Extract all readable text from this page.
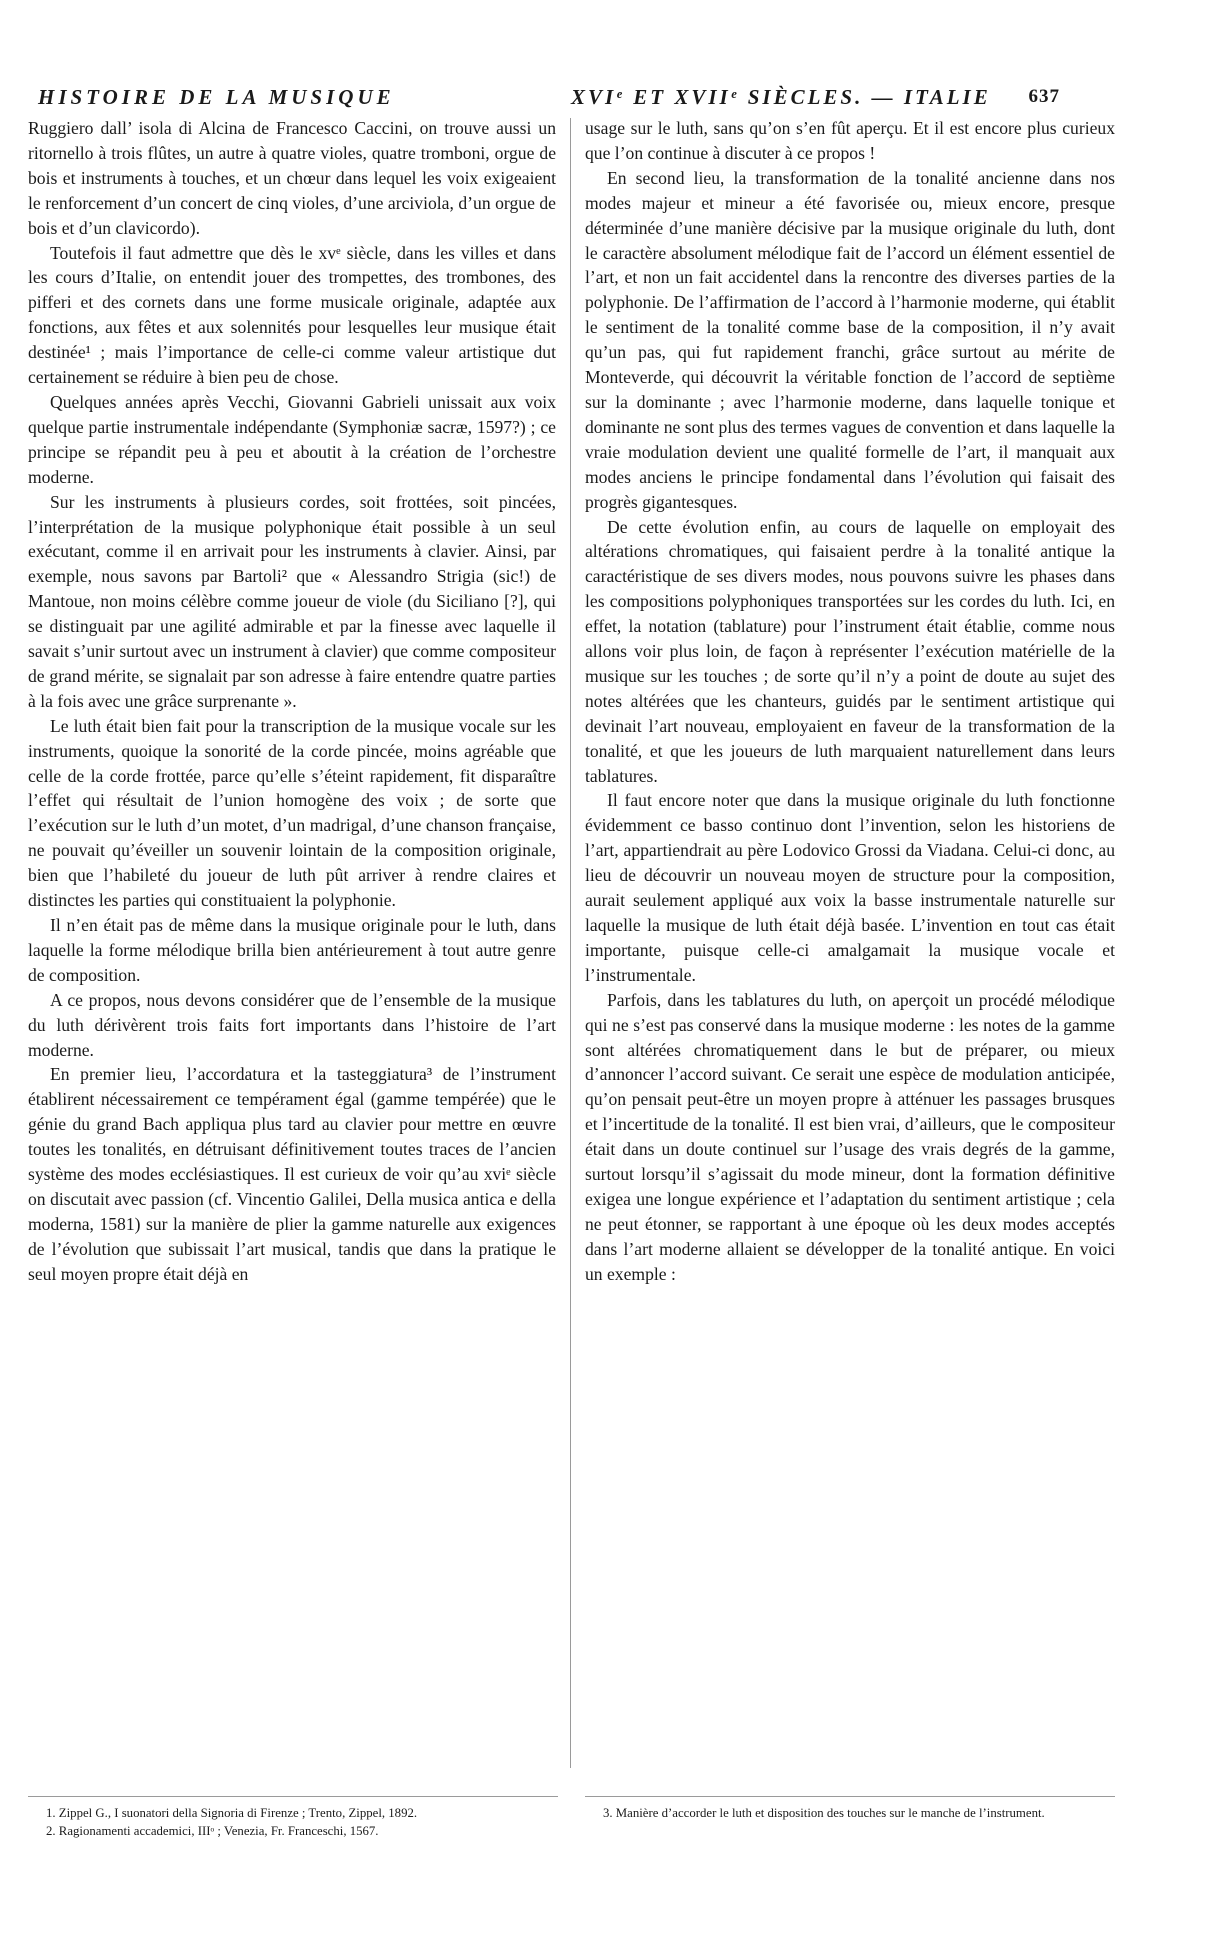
HISTOIRE DE LA MUSIQUE	XVIᵉ ET XVIIᵉ SIÈCLES. — ITALIE 637

Ruggiero dall’ isola di Alcina de Francesco Caccini, on trouve aussi un ritornello à trois flûtes, un autre à quatre violes, quatre tromboni, orgue de bois et instruments à touches, et un chœur dans lequel les voix exigeaient le renforcement d’un concert de cinq violes, d’une arciviola, d’un orgue de bois et d’un clavicordo).

Toutefois il faut admettre que dès le xvᵉ siècle, dans les villes et dans les cours d’Italie, on entendit jouer des trompettes, des trombones, des pifferi et des cornets dans une forme musicale originale, adaptée aux fonctions, aux fêtes et aux solennités pour lesquelles leur musique était destinée¹ ; mais l’importance de celle-ci comme valeur artistique dut certainement se réduire à bien peu de chose.

Quelques années après Vecchi, Giovanni Gabrieli unissait aux voix quelque partie instrumentale indépendante (Symphoniæ sacræ, 1597?) ; ce principe se répandit peu à peu et aboutit à la création de l’orchestre moderne.

Sur les instruments à plusieurs cordes, soit frottées, soit pincées, l’interprétation de la musique polyphonique était possible à un seul exécutant, comme il en arrivait pour les instruments à clavier. Ainsi, par exemple, nous savons par Bartoli² que « Alessandro Strigia (sic!) de Mantoue, non moins célèbre comme joueur de viole (du Siciliano [?], qui se distinguait par une agilité admirable et par la finesse avec laquelle il savait s’unir surtout avec un instrument à clavier) que comme compositeur de grand mérite, se signalait par son adresse à faire entendre quatre parties à la fois avec une grâce surprenante ».

Le luth était bien fait pour la transcription de la musique vocale sur les instruments, quoique la sonorité de la corde pincée, moins agréable que celle de la corde frottée, parce qu’elle s’éteint rapidement, fit disparaître l’effet qui résultait de l’union homogène des voix ; de sorte que l’exécution sur le luth d’un motet, d’un madrigal, d’une chanson française, ne pouvait qu’éveiller un souvenir lointain de la composition originale, bien que l’habileté du joueur de luth pût arriver à rendre claires et distinctes les parties qui constituaient la polyphonie.

Il n’en était pas de même dans la musique originale pour le luth, dans laquelle la forme mélodique brilla bien antérieurement à tout autre genre de composition.

A ce propos, nous devons considérer que de l’ensemble de la musique du luth dérivèrent trois faits fort importants dans l’histoire de l’art moderne.

En premier lieu, l’accordatura et la tasteggiatura³ de l’instrument établirent nécessairement ce tempérament égal (gamme tempérée) que le génie du grand Bach appliqua plus tard au clavier pour mettre en œuvre toutes les tonalités, en détruisant définitivement toutes traces de l’ancien système des modes ecclésiastiques. Il est curieux de voir qu’au xviᵉ siècle on discutait avec passion (cf. Vincentio Galilei, Della musica antica e della moderna, 1581) sur la manière de plier la gamme naturelle aux exigences de l’évolution que subissait l’art musical, tandis que dans la pratique le seul moyen propre était déjà en

usage sur le luth, sans qu’on s’en fût aperçu. Et il est encore plus curieux que l’on continue à discuter à ce propos !

En second lieu, la transformation de la tonalité ancienne dans nos modes majeur et mineur a été favorisée ou, mieux encore, presque déterminée d’une manière décisive par la musique originale du luth, dont le caractère absolument mélodique fait de l’accord un élément essentiel de l’art, et non un fait accidentel dans la rencontre des diverses parties de la polyphonie. De l’affirmation de l’accord à l’harmonie moderne, qui établit le sentiment de la tonalité comme base de la composition, il n’y avait qu’un pas, qui fut rapidement franchi, grâce surtout au mérite de Monteverde, qui découvrit la véritable fonction de l’accord de septième sur la dominante ; avec l’harmonie moderne, dans laquelle tonique et dominante ne sont plus des termes vagues de convention et dans laquelle la vraie modulation devient une qualité formelle de l’art, il manquait aux modes anciens le principe fondamental dans l’évolution qui faisait des progrès gigantesques.

De cette évolution enfin, au cours de laquelle on employait des altérations chromatiques, qui faisaient perdre à la tonalité antique la caractéristique de ses divers modes, nous pouvons suivre les phases dans les compositions polyphoniques transportées sur les cordes du luth. Ici, en effet, la notation (tablature) pour l’instrument était établie, comme nous allons voir plus loin, de façon à représenter l’exécution matérielle de la musique sur les touches ; de sorte qu’il n’y a point de doute au sujet des notes altérées que les chanteurs, guidés par le sentiment artistique qui devinait l’art nouveau, employaient en faveur de la transformation de la tonalité, et que les joueurs de luth marquaient naturellement dans leurs tablatures.

Il faut encore noter que dans la musique originale du luth fonctionne évidemment ce basso continuo dont l’invention, selon les historiens de l’art, appartiendrait au père Lodovico Grossi da Viadana. Celui-ci donc, au lieu de découvrir un nouveau moyen de structure pour la composition, aurait seulement appliqué aux voix la basse instrumentale naturelle sur laquelle la musique de luth était déjà basée. L’invention en tout cas était importante, puisque celle-ci amalgamait la musique vocale et l’instrumentale.

Parfois, dans les tablatures du luth, on aperçoit un procédé mélodique qui ne s’est pas conservé dans la musique moderne : les notes de la gamme sont altérées chromatiquement dans le but de préparer, ou mieux d’annoncer l’accord suivant. Ce serait une espèce de modulation anticipée, qu’on pensait peut-être un moyen propre à atténuer les passages brusques et l’incertitude de la tonalité. Il est bien vrai, d’ailleurs, que le compositeur était dans un doute continuel sur l’usage des vrais degrés de la gamme, surtout lorsqu’il s’agissait du mode mineur, dont la formation définitive exigea une longue expérience et l’adaptation du sentiment artistique ; cela ne peut étonner, se rapportant à une époque où les deux modes acceptés dans l’art moderne allaient se développer de la tonalité antique. En voici un exemple :

1. Zippel G., I suonatori della Signoria di Firenze ; Trento, Zippel, 1892.

2. Ragionamenti accademici, IIIᵒ ; Venezia, Fr. Franceschi, 1567.

3. Manière d’accorder le luth et disposition des touches sur le manche de l’instrument.
